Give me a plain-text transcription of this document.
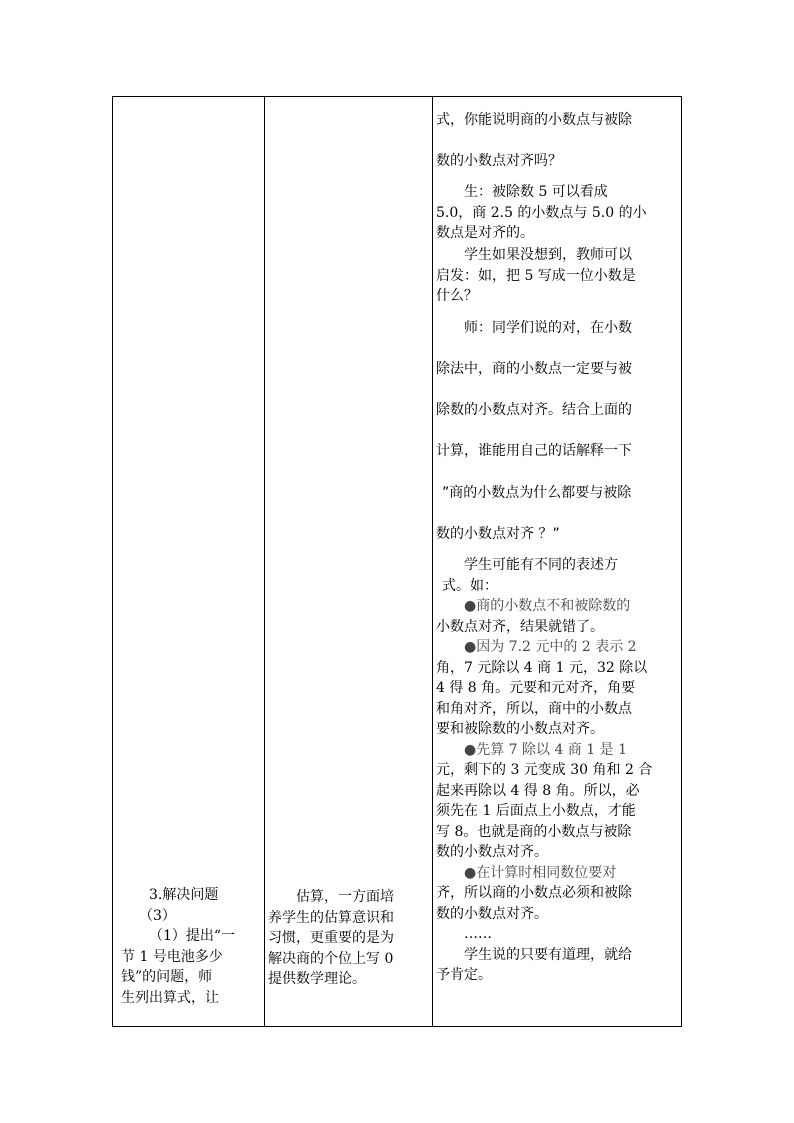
3.解决问题
（3）
（1）提出“一
节 1 号电池多少
钱”的问题，师
生列出算式，让
估算，一方面培
养学生的估算意识和
习惯，更重要的是为
解决商的个位上写 0
提供数学理论。
式，你能说明商的小数点与被除
数的小数点对齐吗？
生：被除数 5 可以看成
5.0，商 2.5 的小数点与 5.0 的小
数点是对齐的。
学生如果没想到，教师可以
启发：如，把 5 写成一位小数是
什么？
师：同学们说的对，在小数
除法中，商的小数点一定要与被
除数的小数点对齐。结合上面的
计算，谁能用自己的话解释一下
”商的小数点为什么都要与被除
数的小数点对齐 ？”
学生可能有不同的表述方
式。如：
●商的小数点不和被除数的
小数点对齐，结果就错了。
●因为 7.2 元中的 2 表示 2
角，7 元除以 4 商 1 元，32 除以
4 得 8 角。元要和元对齐，角要
和角对齐，所以，商中的小数点
要和被除数的小数点对齐。
●先算 7 除以 4 商 1 是 1
元，剩下的 3 元变成 30 角和 2 合
起来再除以 4 得 8 角。所以，必
须先在 1 后面点上小数点，才能
写 8。也就是商的小数点与被除
数的小数点对齐。
●在计算时相同数位要对
齐，所以商的小数点必须和被除
数的小数点对齐。
……
学生说的只要有道理，就给
予肯定。
